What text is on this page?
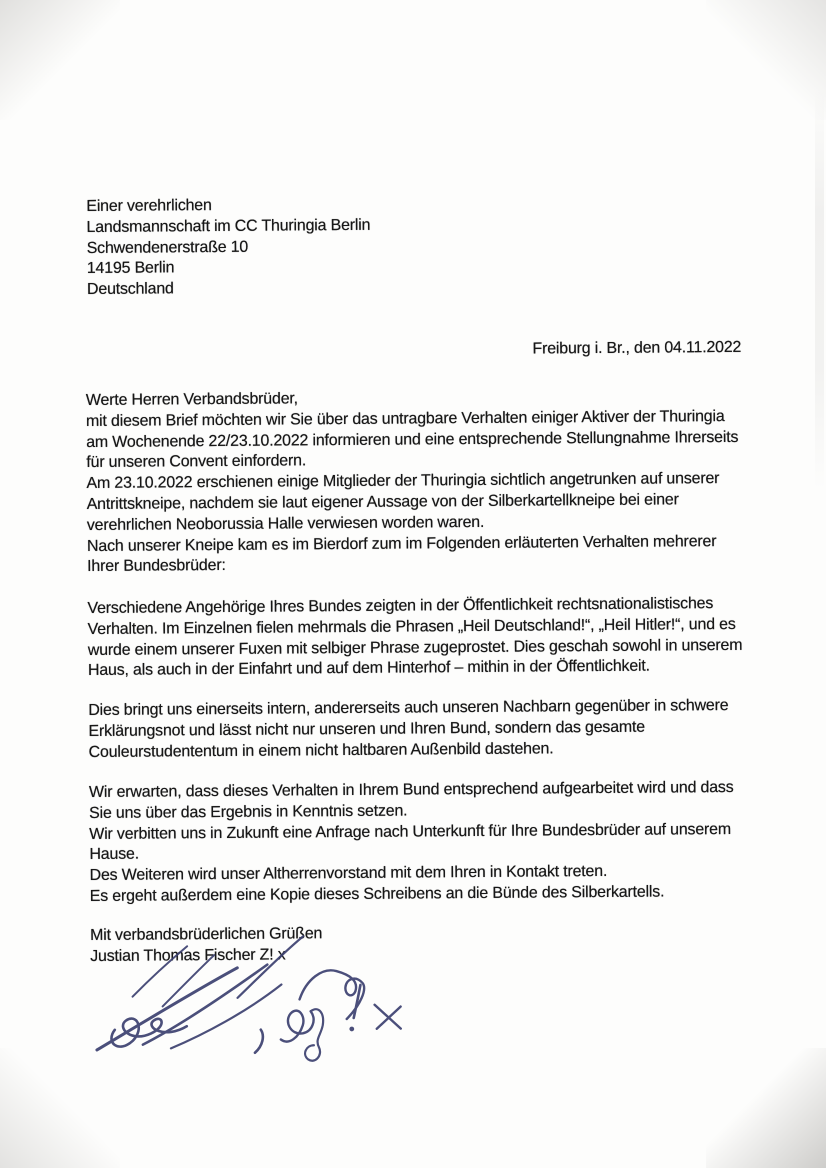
Einer verehrlichen
Landsmannschaft im CC Thuringia Berlin
Schwendenerstraße 10
14195 Berlin
Deutschland
Freiburg i. Br., den 04.11.2022
Werte Herren Verbandsbrüder,
mit diesem Brief möchten wir Sie über das untragbare Verhalten einiger Aktiver der Thuringia
am Wochenende 22/23.10.2022 informieren und eine entsprechende Stellungnahme Ihrerseits
für unseren Convent einfordern.
Am 23.10.2022 erschienen einige Mitglieder der Thuringia sichtlich angetrunken auf unserer
Antrittskneipe, nachdem sie laut eigener Aussage von der Silberkartellkneipe bei einer
verehrlichen Neoborussia Halle verwiesen worden waren.
Nach unserer Kneipe kam es im Bierdorf zum im Folgenden erläuterten Verhalten mehrerer
Ihrer Bundesbrüder:
Verschiedene Angehörige Ihres Bundes zeigten in der Öffentlichkeit rechtsnationalistisches
Verhalten. Im Einzelnen fielen mehrmals die Phrasen „Heil Deutschland!“, „Heil Hitler!“, und es
wurde einem unserer Fuxen mit selbiger Phrase zugeprostet. Dies geschah sowohl in unserem
Haus, als auch in der Einfahrt und auf dem Hinterhof – mithin in der Öffentlichkeit.
Dies bringt uns einerseits intern, andererseits auch unseren Nachbarn gegenüber in schwere
Erklärungsnot und lässt nicht nur unseren und Ihren Bund, sondern das gesamte
Couleurstudententum in einem nicht haltbaren Außenbild dastehen.
Wir erwarten, dass dieses Verhalten in Ihrem Bund entsprechend aufgearbeitet wird und dass
Sie uns über das Ergebnis in Kenntnis setzen.
Wir verbitten uns in Zukunft eine Anfrage nach Unterkunft für Ihre Bundesbrüder auf unserem
Hause.
Des Weiteren wird unser Altherrenvorstand mit dem Ihren in Kontakt treten.
Es ergeht außerdem eine Kopie dieses Schreibens an die Bünde des Silberkartells.
Mit verbandsbrüderlichen Grüßen
Justian Thomas Fischer Z! x
